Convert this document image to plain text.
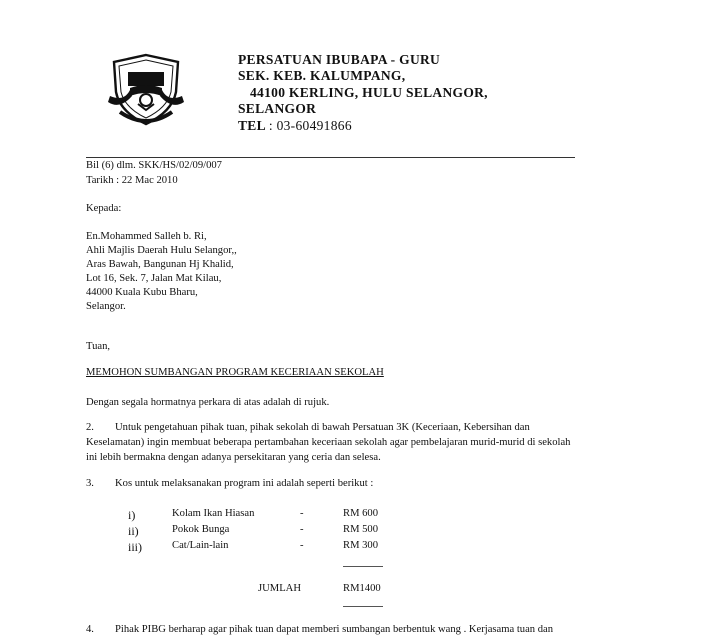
PERSATUAN IBUBAPA - GURU
SEK. KEB. KALUMPANG,
44100 KERLING, HULU SELANGOR,
SELANGOR
TEL : 03-60491866
Bil (6) dlm. SKK/HS/02/09/007
Tarikh : 22 Mac 2010
Kepada:
En.Mohammed Salleh b. Ri,
Ahli Majlis Daerah Hulu Selangor,,
Aras Bawah, Bangunan Hj Khalid,
Lot 16, Sek. 7, Jalan Mat Kilau,
44000 Kuala Kubu Bharu,
Selangor.
Tuan,
MEMOHON SUMBANGAN PROGRAM KECERIAAN SEKOLAH
Dengan segala hormatnya perkara di atas adalah di rujuk.
2. Untuk pengetahuan pihak tuan, pihak sekolah di bawah Persatuan 3K (Keceriaan, Kebersihan dan
Keselamatan) ingin membuat beberapa pertambahan keceriaan sekolah agar pembelajaran murid-murid di sekolah
ini lebih bermakna dengan adanya persekitaran yang ceria dan selesa.
3. Kos untuk melaksanakan program ini adalah seperti berikut :
i)	Kolam Ikan Hiasan	-	RM 600
ii)	Pokok Bunga	-	RM 500
iii)	Cat/Lain-lain	-	RM 300
JUMLAH	RM1400
4. Pihak PIBG berharap agar pihak tuan dapat memberi sumbangan berbentuk wang . Kerjasama tuan dan
